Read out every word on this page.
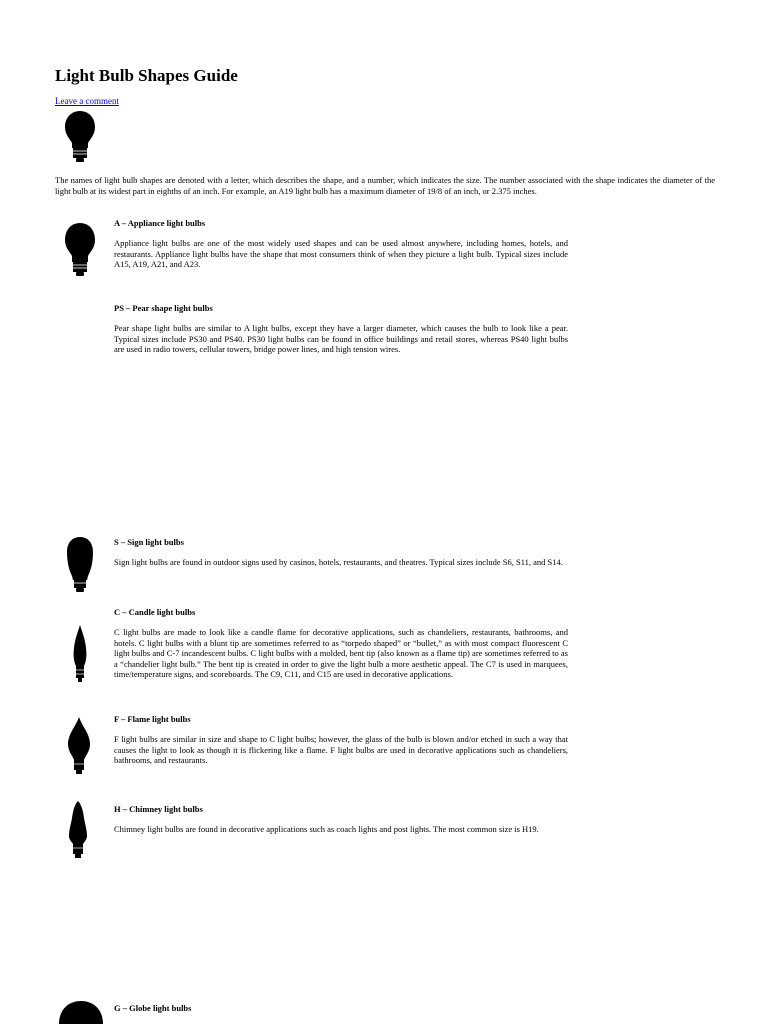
Light Bulb Shapes Guide
Leave a comment

The names of light bulb shapes are denoted with a letter, which describes the shape, and a number, which indicates the size. The number associated with the shape indicates the diameter of the light bulb at its widest part in eighths of an inch. For example, an A19 light bulb has a maximum diameter of 19/8 of an inch, or 2.375 inches.

A – Appliance light bulbs

Appliance light bulbs are one of the most widely used shapes and can be used almost anywhere, including homes, hotels, and restaurants. Appliance light bulbs have the shape that most consumers think of when they picture a light bulb. Typical sizes include A15, A19, A21, and A23.

PS – Pear shape light bulbs

Pear shape light bulbs are similar to A light bulbs, except they have a larger diameter, which causes the bulb to look like a pear. Typical sizes include PS30 and PS40. PS30 light bulbs can be found in office buildings and retail stores, whereas PS40 light bulbs are used in radio towers, cellular towers, bridge power lines, and high tension wires.

S – Sign light bulbs

Sign light bulbs are found in outdoor signs used by casinos, hotels, restaurants, and theatres. Typical sizes include S6, S11, and S14.

C – Candle light bulbs

C light bulbs are made to look like a candle flame for decorative applications, such as chandeliers, restaurants, bathrooms, and hotels. C light bulbs with a blunt tip are sometimes referred to as “torpedo shaped” or “bullet,” as with most compact fluorescent C light bulbs and C-7 incandescent bulbs. C light bulbs with a molded, bent tip (also known as a flame tip) are sometimes referred to as a “chandelier light bulb.” The bent tip is created in order to give the light bulb a more aesthetic appeal. The C7 is used in marquees, time/temperature signs, and scoreboards. The C9, C11, and C15 are used in decorative applications.

F – Flame light bulbs

F light bulbs are similar in size and shape to C light bulbs; however, the glass of the bulb is blown and/or etched in such a way that causes the light to look as though it is flickering like a flame. F light bulbs are used in decorative applications such as chandeliers, bathrooms, and restaurants.

H – Chimney light bulbs

Chimney light bulbs are found in decorative applications such as coach lights and post lights. The most common size is H19.

G – Globe light bulbs
